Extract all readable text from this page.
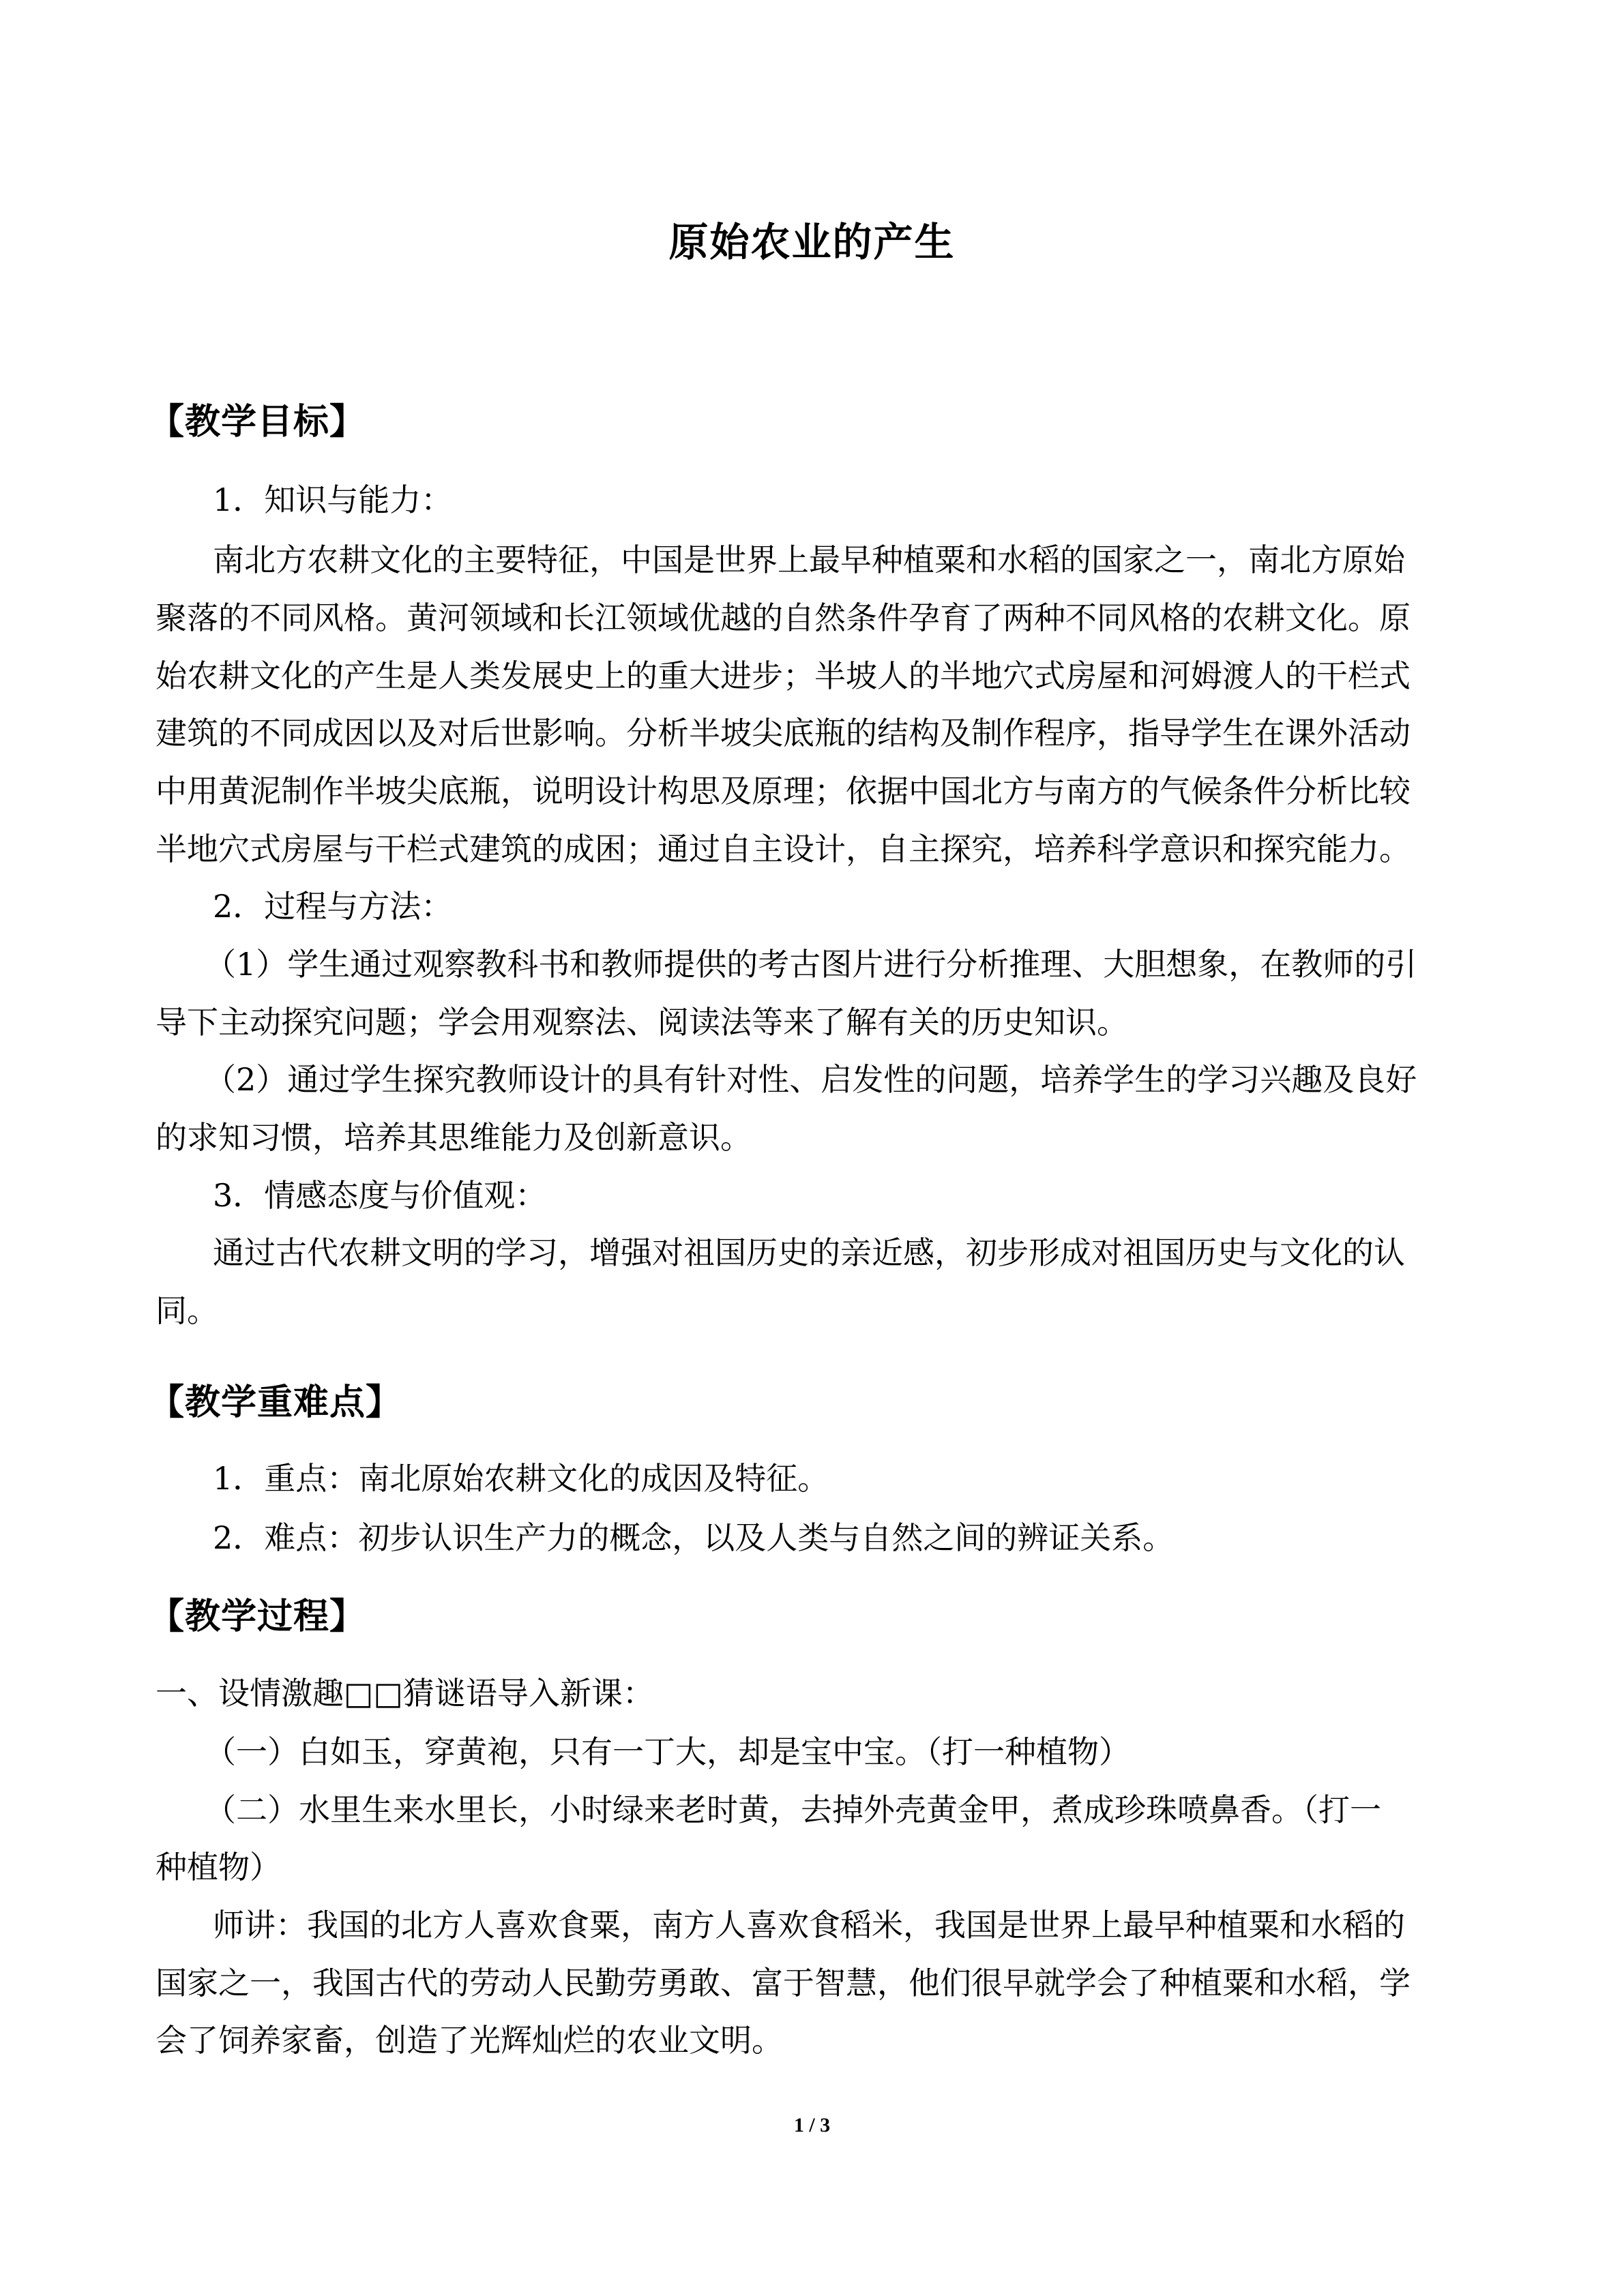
原始农业的产生
【教学目标】
1．知识与能力：
南北方农耕文化的主要特征，中国是世界上最早种植粟和水稻的国家之一，南北方原始
聚落的不同风格。黄河领域和长江领域优越的自然条件孕育了两种不同风格的农耕文化。原
始农耕文化的产生是人类发展史上的重大进步；半坡人的半地穴式房屋和河姆渡人的干栏式
建筑的不同成因以及对后世影响。分析半坡尖底瓶的结构及制作程序，指导学生在课外活动
中用黄泥制作半坡尖底瓶，说明设计构思及原理；依据中国北方与南方的气候条件分析比较
半地穴式房屋与干栏式建筑的成困；通过自主设计，自主探究，培养科学意识和探究能力。
2．过程与方法：
（1）学生通过观察教科书和教师提供的考古图片进行分析推理、大胆想象，在教师的引
导下主动探究问题；学会用观察法、阅读法等来了解有关的历史知识。
（2）通过学生探究教师设计的具有针对性、启发性的问题，培养学生的学习兴趣及良好
的求知习惯，培养其思维能力及创新意识。
3．情感态度与价值观：
通过古代农耕文明的学习，增强对祖国历史的亲近感，初步形成对祖国历史与文化的认
同。
【教学重难点】
1．重点：南北原始农耕文化的成因及特征。
2．难点：初步认识生产力的概念，以及人类与自然之间的辨证关系。
【教学过程】
一、设情激趣□□猜谜语导入新课：
（一）白如玉，穿黄袍，只有一丁大，却是宝中宝。（打一种植物）
（二）水里生来水里长，小时绿来老时黄，去掉外壳黄金甲，煮成珍珠喷鼻香。（打一
种植物）
师讲：我国的北方人喜欢食粟，南方人喜欢食稻米，我国是世界上最早种植粟和水稻的
国家之一，我国古代的劳动人民勤劳勇敢、富于智慧，他们很早就学会了种植粟和水稻，学
会了饲养家畜，创造了光辉灿烂的农业文明。
1 / 3
